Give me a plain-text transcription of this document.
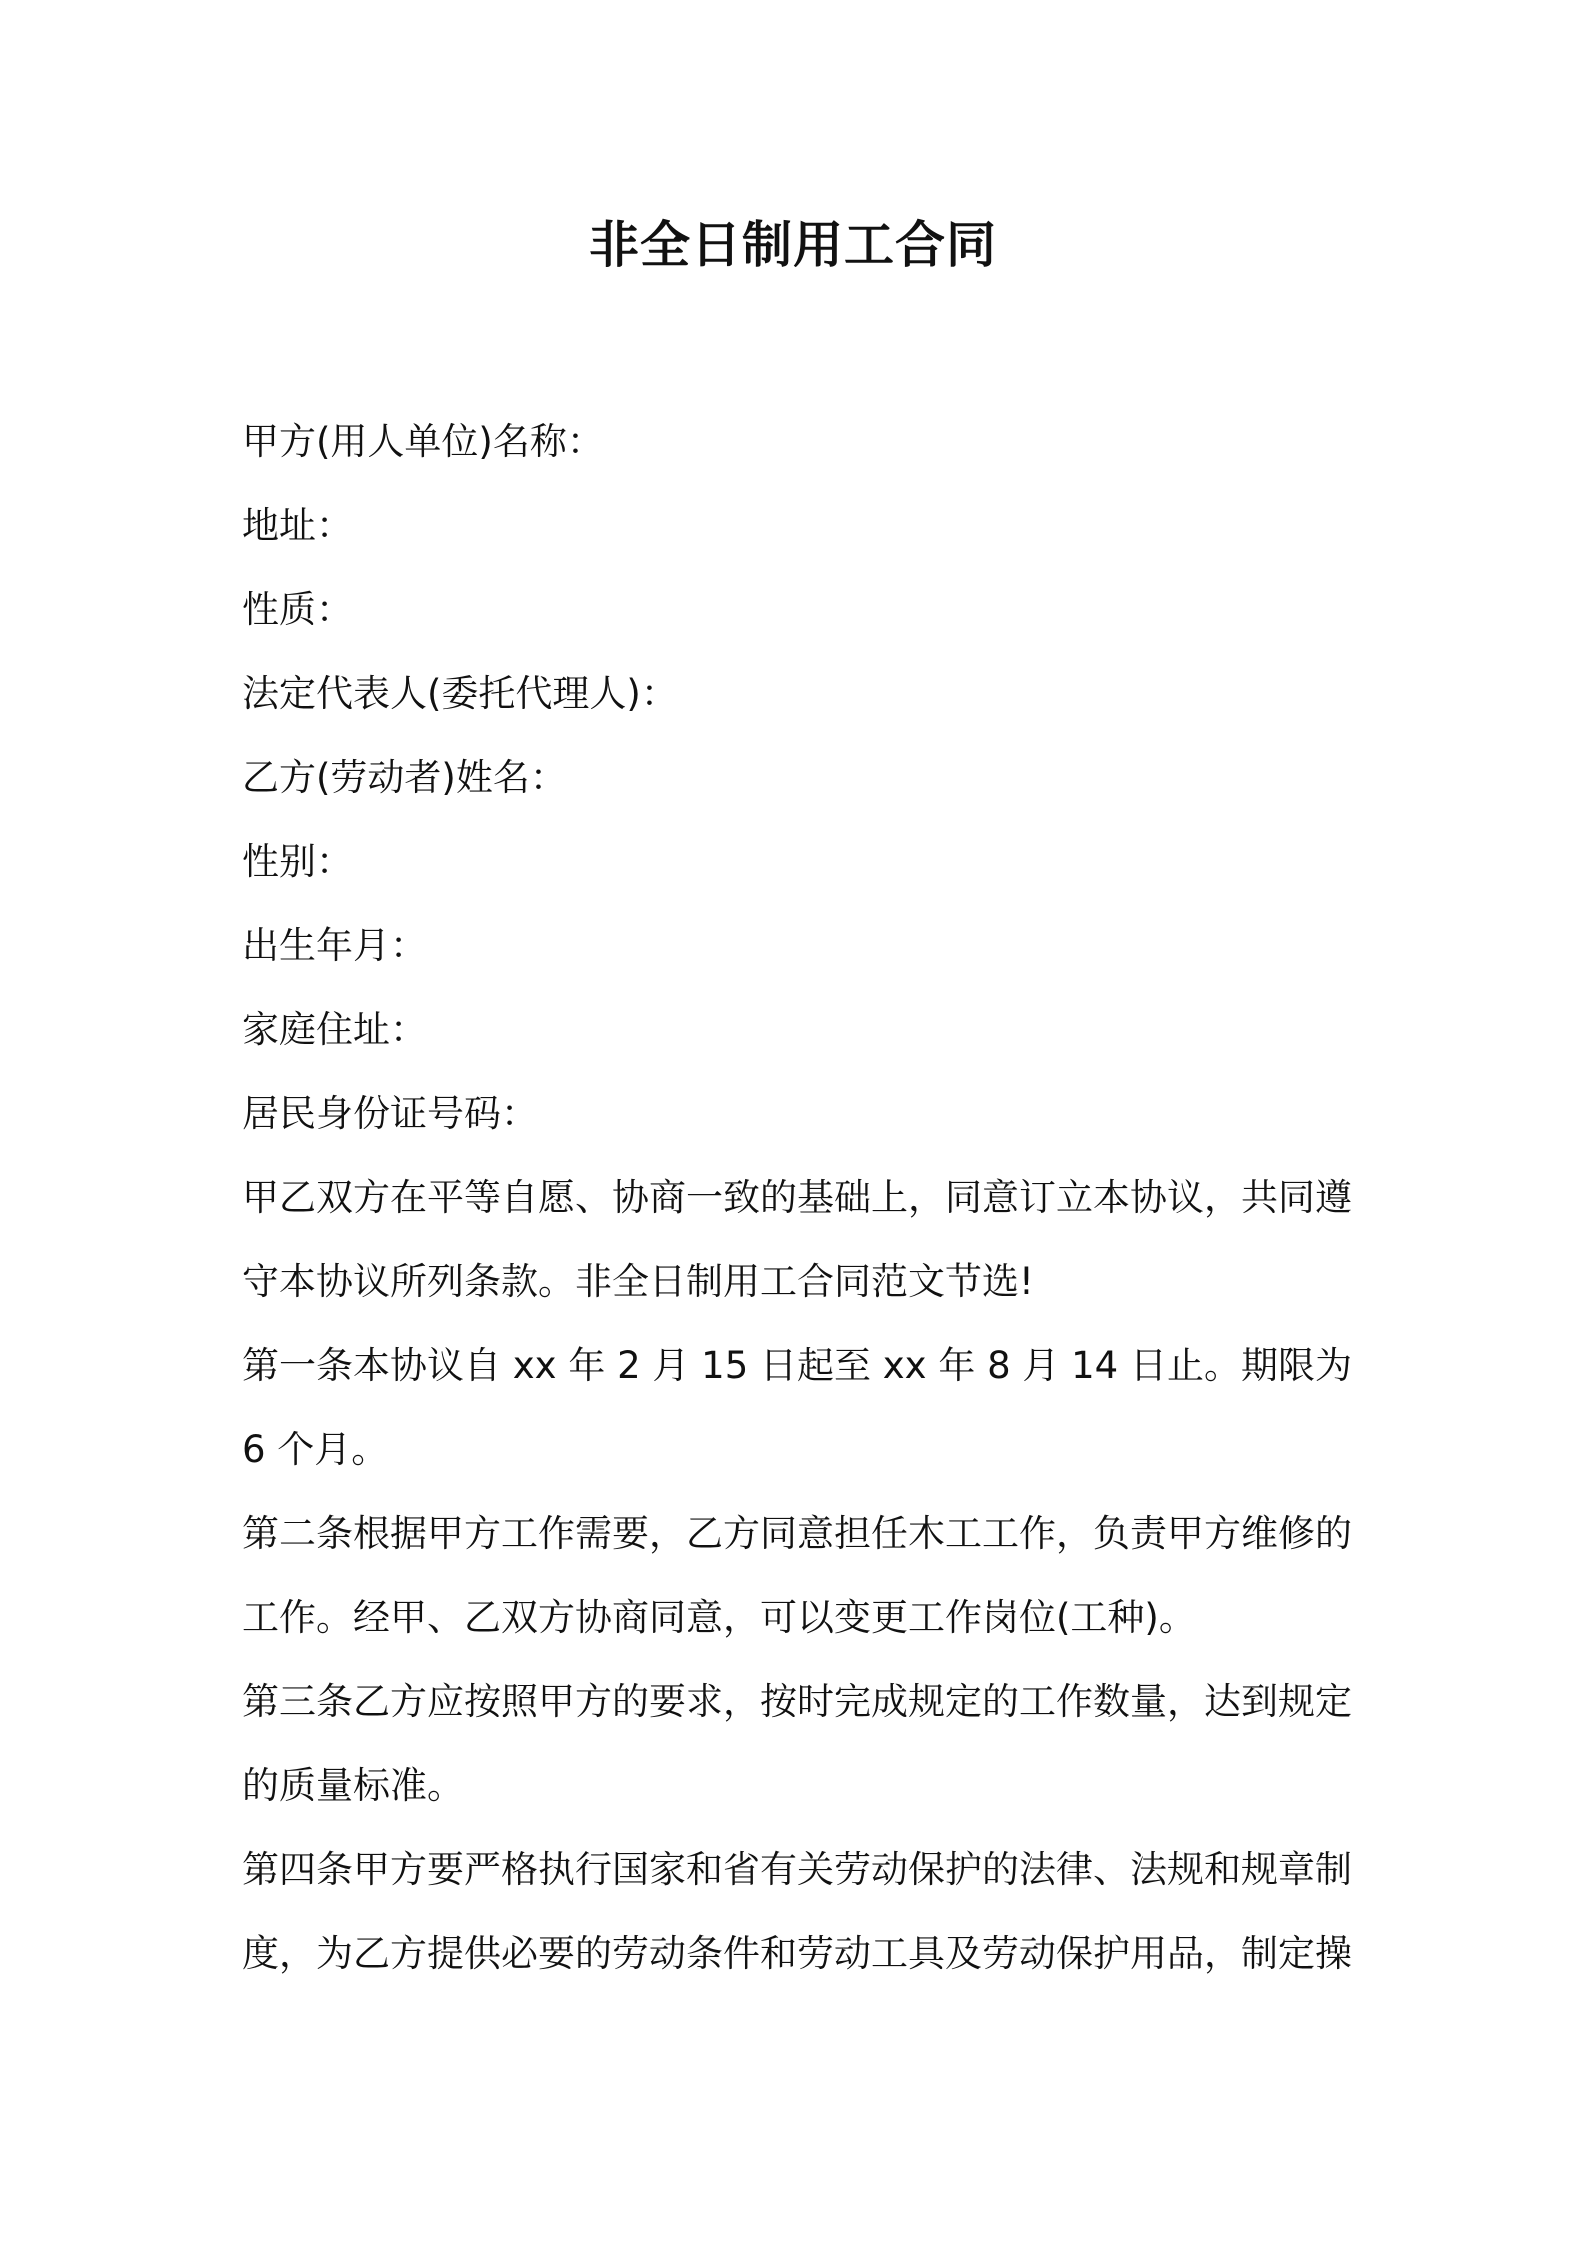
非全日制用工合同

甲方(用人单位)名称：

地址：

性质：

法定代表人(委托代理人)：

乙方(劳动者)姓名：

性别：

出生年月：

家庭住址：

居民身份证号码：

甲乙双方在平等自愿、协商一致的基础上，同意订立本协议，共同遵守本协议所列条款。非全日制用工合同范文节选!

第一条本协议自 xx 年 2 月 15 日起至 xx 年 8 月 14 日止。期限为 6 个月。

第二条根据甲方工作需要，乙方同意担任木工工作，负责甲方维修的工作。经甲、乙双方协商同意，可以变更工作岗位(工种)。

第三条乙方应按照甲方的要求，按时完成规定的工作数量，达到规定的质量标准。

第四条甲方要严格执行国家和省有关劳动保护的法律、法规和规章制度，为乙方提供必要的劳动条件和劳动工具及劳动保护用品，制定操
